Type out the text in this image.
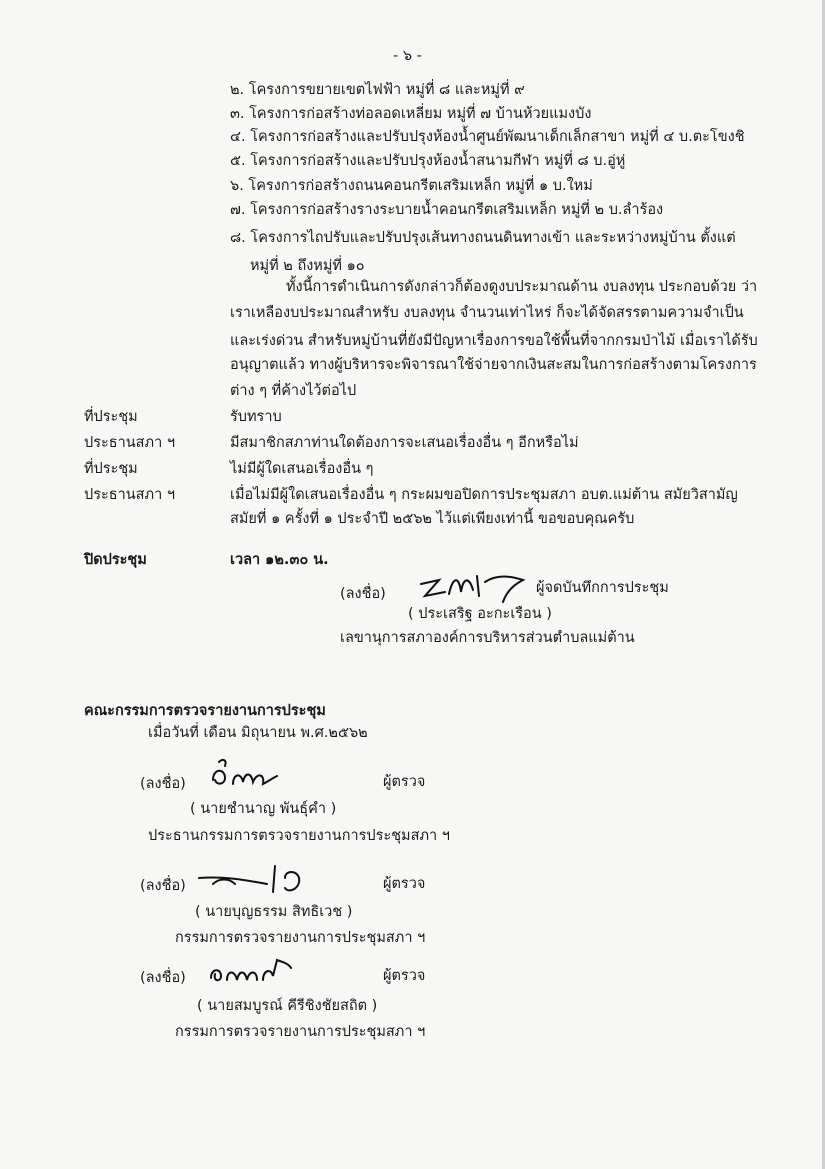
- ๖ -
๒. โครงการขยายเขตไฟฟ้า หมู่ที่ ๘ และหมู่ที่ ๙
๓. โครงการก่อสร้างท่อลอดเหลี่ยม หมู่ที่ ๗ บ้านห้วยแมงบัง
๔. โครงการก่อสร้างและปรับปรุงห้องน้ำศูนย์พัฒนาเด็กเล็กสาขา หมู่ที่ ๔ บ.ตะโขงชิ
๕. โครงการก่อสร้างและปรับปรุงห้องน้ำสนามกีฬา หมู่ที่ ๘ บ.อู่หู่
๖. โครงการก่อสร้างถนนคอนกรีตเสริมเหล็ก หมู่ที่ ๑ บ.ใหม่
๗. โครงการก่อสร้างรางระบายน้ำคอนกรีตเสริมเหล็ก หมู่ที่ ๒ บ.ลำร้อง
๘. โครงการไถปรับและปรับปรุงเส้นทางถนนดินทางเข้า และระหว่างหมู่บ้าน ตั้งแต่
หมู่ที่ ๒ ถึงหมู่ที่ ๑๐
ทั้งนี้การดำเนินการดังกล่าวก็ต้องดูงบประมาณด้าน งบลงทุน ประกอบด้วย ว่า
เราเหลืองบประมาณสำหรับ งบลงทุน จำนวนเท่าไหร่ ก็จะได้จัดสรรตามความจำเป็น
และเร่งด่วน สำหรับหมู่บ้านที่ยังมีปัญหาเรื่องการขอใช้พื้นที่จากกรมป่าไม้ เมื่อเราได้รับ
อนุญาตแล้ว ทางผู้บริหารจะพิจารณาใช้จ่ายจากเงินสะสมในการก่อสร้างตามโครงการ
ต่าง ๆ ที่ค้างไว้ต่อไป
ที่ประชุม	รับทราบ
ประธานสภา ฯ	มีสมาชิกสภาท่านใดต้องการจะเสนอเรื่องอื่น ๆ อีกหรือไม่
ที่ประชุม	ไม่มีผู้ใดเสนอเรื่องอื่น ๆ
ประธานสภา ฯ	เมื่อไม่มีผู้ใดเสนอเรื่องอื่น ๆ กระผมขอปิดการประชุมสภา อบต.แม่ต้าน สมัยวิสามัญ
สมัยที่ ๑ ครั้งที่ ๑ ประจำปี ๒๕๖๒ ไว้แต่เพียงเท่านี้ ขอขอบคุณครับ
ปิดประชุม	เวลา ๑๒.๓๐ น.
(ลงชื่อ)	ผู้จดบันทึกการประชุม
( ประเสริฐ อะกะเรือน )
เลขานุการสภาองค์การบริหารส่วนตำบลแม่ต้าน
คณะกรรมการตรวจรายงานการประชุม
เมื่อวันที่ เดือน มิถุนายน พ.ศ.๒๕๖๒
(ลงชื่อ)	ผู้ตรวจ
( นายชำนาญ พันธุ์คำ )
ประธานกรรมการตรวจรายงานการประชุมสภา ฯ
(ลงชื่อ)	ผู้ตรวจ
( นายบุญธรรม สิทธิเวช )
กรรมการตรวจรายงานการประชุมสภา ฯ
(ลงชื่อ)	ผู้ตรวจ
( นายสมบูรณ์ คีรีชิงชัยสถิต )
กรรมการตรวจรายงานการประชุมสภา ฯ
